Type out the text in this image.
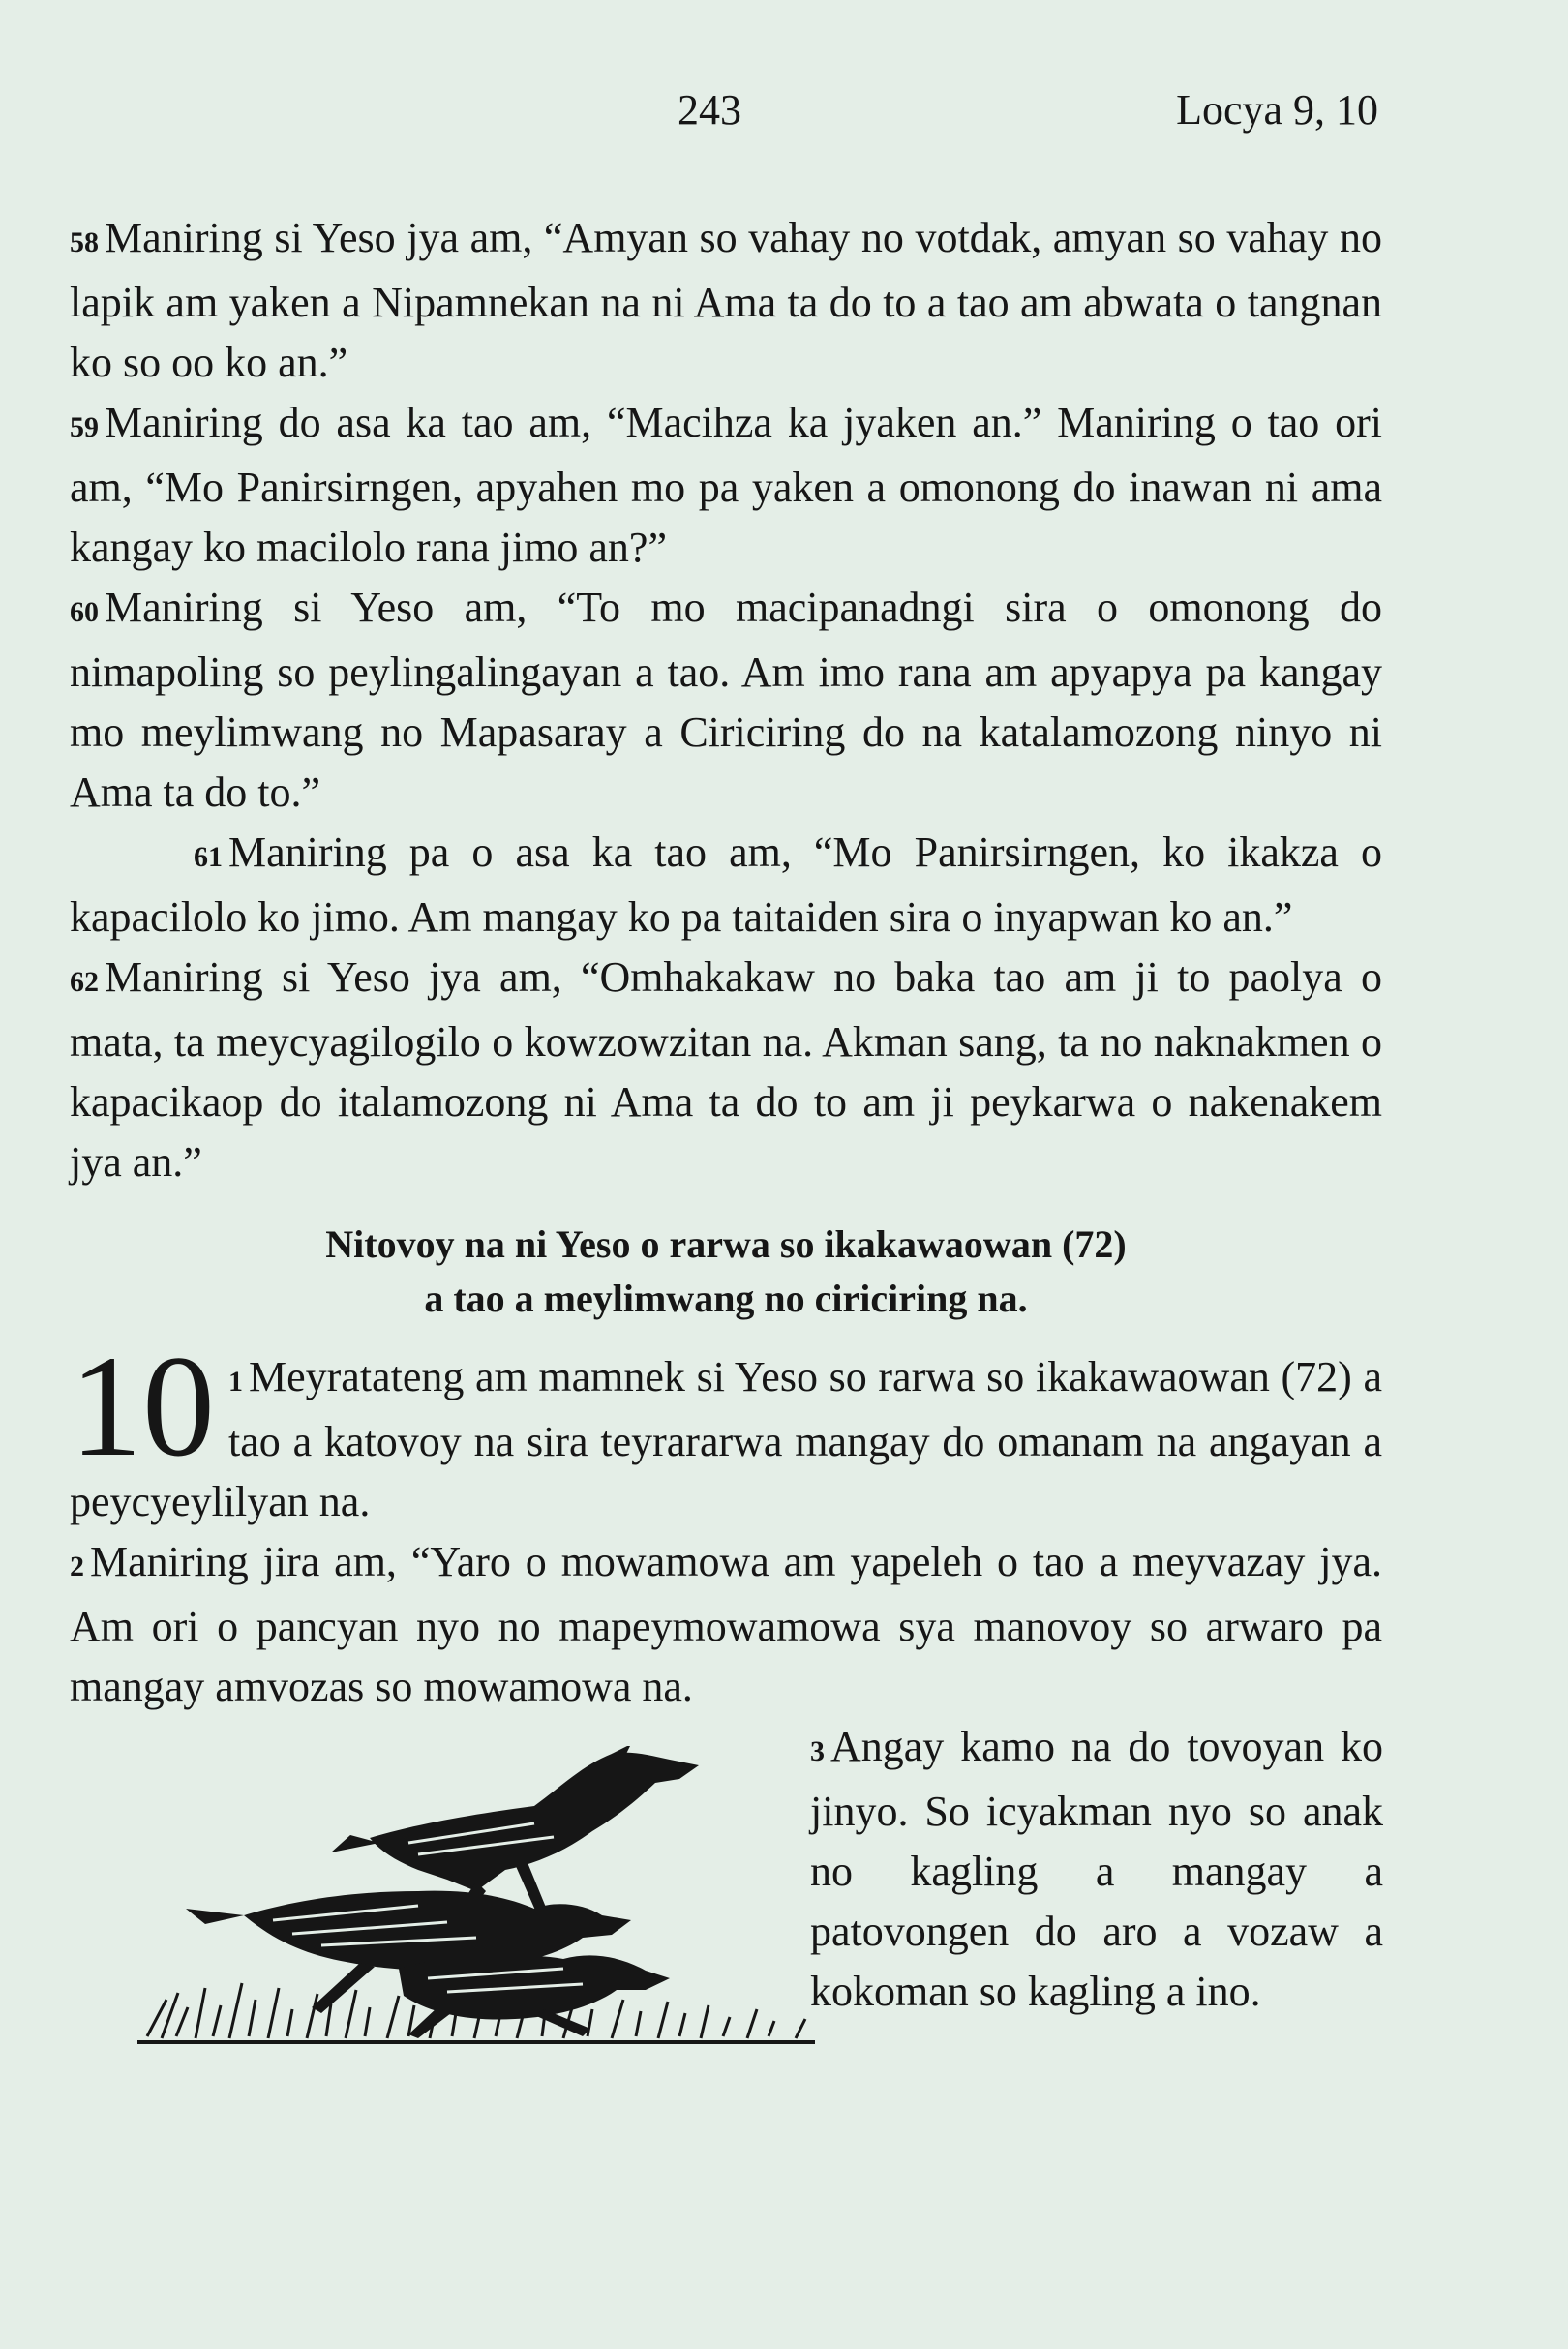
243	Locya 9, 10

58 Maniring si Yeso jya am, “Amyan so vahay no votdak, amyan so vahay no lapik am yaken a Nipamnekan na ni Ama ta do to a tao am abwata o tangnan ko so oo ko an.”

59 Maniring do asa ka tao am, “Macihza ka jyaken an.” Maniring o tao ori am, “Mo Panirsirngen, apyahen mo pa yaken a omonong do inawan ni ama kangay ko macilolo rana jimo an?”

60 Maniring si Yeso am, “To mo macipanadngi sira o omonong do nimapoling so peylingalingayan a tao. Am imo rana am apyapya pa kangay mo meylimwang no Mapasaray a Ciriciring do na katalamozong ninyo ni Ama ta do to.”

61 Maniring pa o asa ka tao am, “Mo Panirsirngen, ko ikakza o kapacilolo ko jimo. Am mangay ko pa taitaiden sira o inyapwan ko an.”

62 Maniring si Yeso jya am, “Omhakakaw no baka tao am ji to paolya o mata, ta meycyagilogilo o kowzowzitan na. Akman sang, ta no naknakmen o kapacikaop do italamozong ni Ama ta do to am ji peykarwa o nakenakem jya an.”

Nitovoy na ni Yeso o rarwa so ikakawaowan (72)
a tao a meylimwang no ciriciring na.

10 1 Meyratateng am mamnek si Yeso so rarwa so ikakawaowan (72) a tao a katovoy na sira teyrararwa mangay do omanam na angayan a peycyeylilyan na.

2 Maniring jira am, “Yaro o mowamowa am yapeleh o tao a meyvazay jya. Am ori o pancyan nyo no mapeymowamowa sya manovoy so arwaro pa mangay amvozas so mowamowa na.

3 Angay kamo na do tovoyan ko jinyo. So icyakman nyo so anak no kagling a mangay a patovongen do aro a vozaw a kokoman so kagling a ino.
